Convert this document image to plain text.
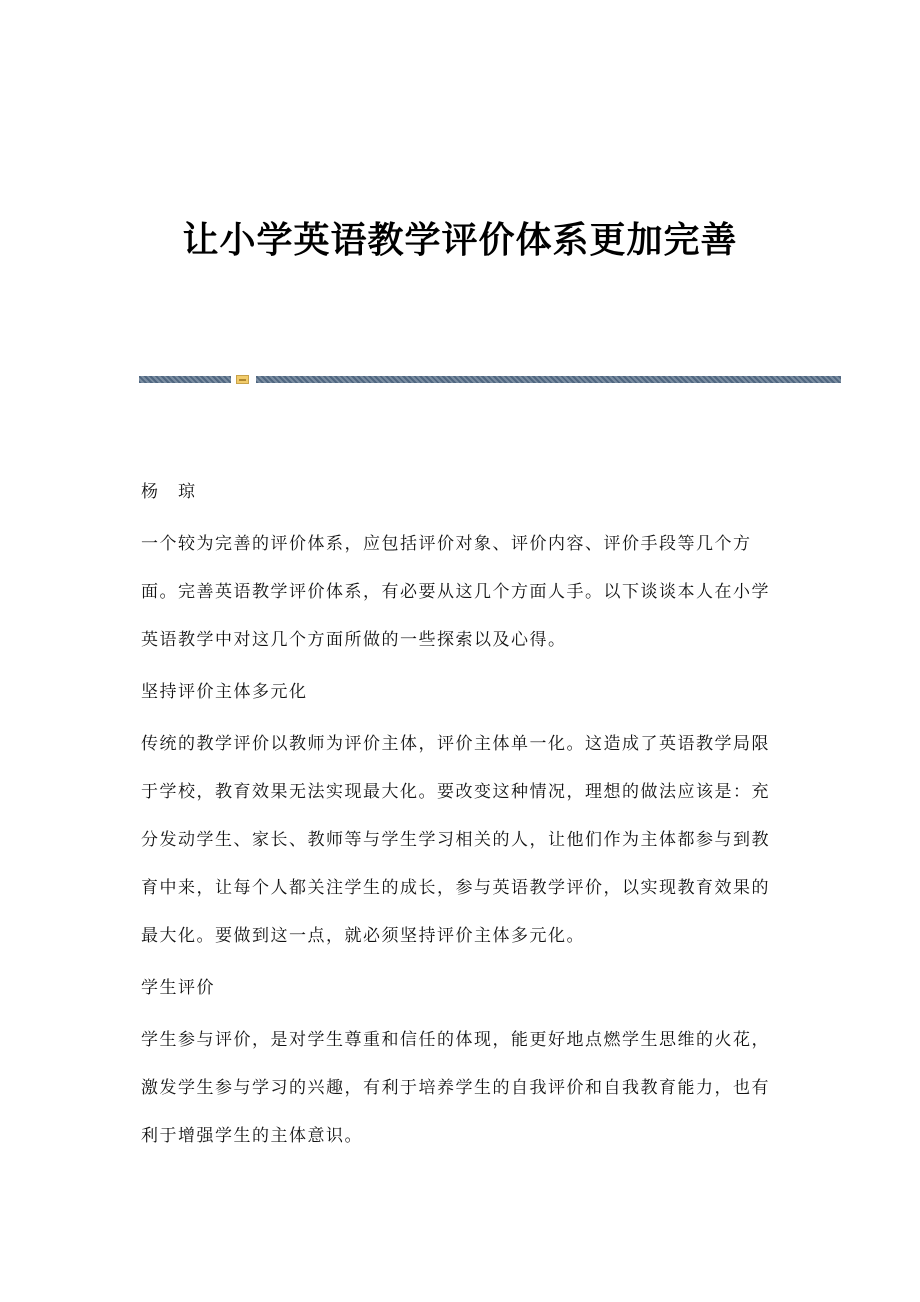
让小学英语教学评价体系更加完善

杨琼

一个较为完善的评价体系，应包括评价对象、评价内容、评价手段等几个方面。完善英语教学评价体系，有必要从这几个方面人手。以下谈谈本人在小学英语教学中对这几个方面所做的一些探索以及心得。

坚持评价主体多元化

传统的教学评价以教师为评价主体，评价主体单一化。这造成了英语教学局限于学校，教育效果无法实现最大化。要改变这种情况，理想的做法应该是：充分发动学生、家长、教师等与学生学习相关的人，让他们作为主体都参与到教育中来，让每个人都关注学生的成长，参与英语教学评价，以实现教育效果的最大化。要做到这一点，就必须坚持评价主体多元化。

学生评价

学生参与评价，是对学生尊重和信任的体现，能更好地点燃学生思维的火花，激发学生参与学习的兴趣，有利于培养学生的自我评价和自我教育能力，也有利于增强学生的主体意识。
